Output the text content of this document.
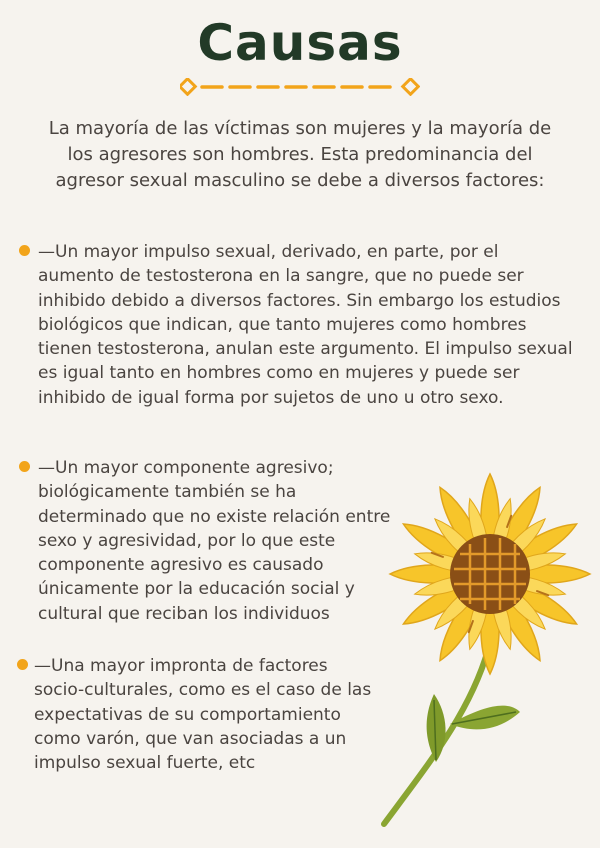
Causas
La mayoría de las víctimas son mujeres y la mayoría de los agresores son hombres. Esta predominancia del agresor sexual masculino se debe a diversos factores:
—Un mayor impulso sexual, derivado, en parte, por el aumento de testosterona en la sangre, que no puede ser inhibido debido a diversos factores. Sin embargo los estudios biológicos que indican, que tanto mujeres como hombres tienen testosterona, anulan este argumento. El impulso sexual es igual tanto en hombres como en mujeres y puede ser inhibido de igual forma por sujetos de uno u otro sexo.
—Un mayor componente agresivo; biológicamente también se ha determinado que no existe relación entre sexo y agresividad, por lo que este componente agresivo es causado únicamente por la educación social y cultural que reciban los individuos
—Una mayor impronta de factores socio-culturales, como es el caso de las expectativas de su comportamiento como varón, que van asociadas a un impulso sexual fuerte, etc
